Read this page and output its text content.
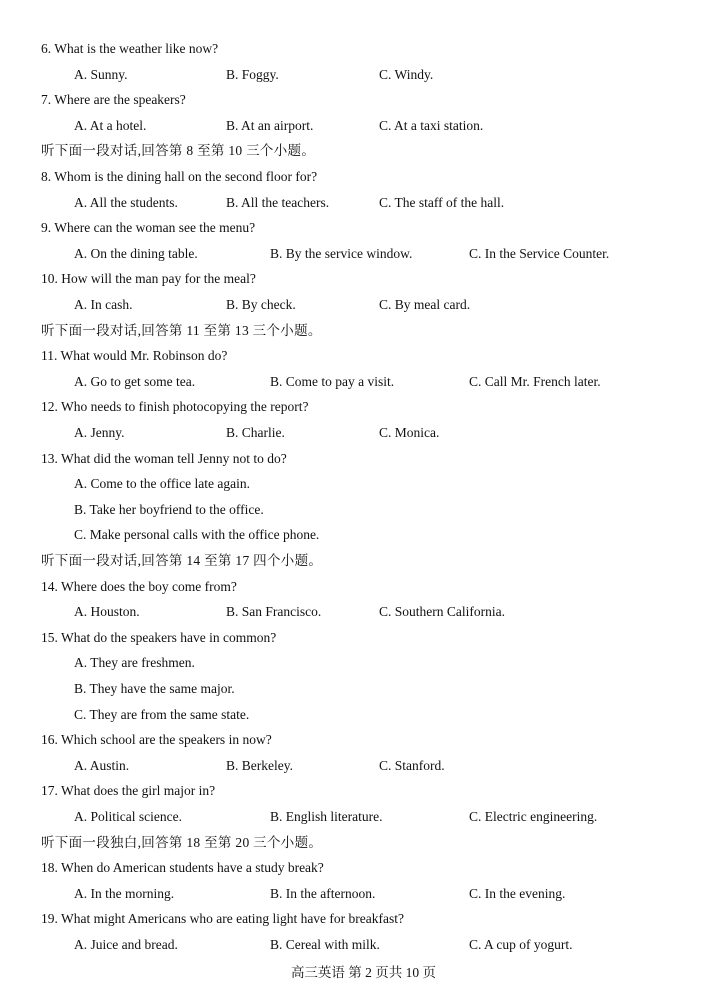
6. What is the weather like now?
A. Sunny.	B. Foggy.	C. Windy.
7. Where are the speakers?
A. At a hotel.	B. At an airport.	C. At a taxi station.
听下面一段对话,回答第 8 至第 10 三个小题。
8. Whom is the dining hall on the second floor for?
A. All the students.	B. All the teachers.	C. The staff of the hall.
9. Where can the woman see the menu?
A. On the dining table.	B. By the service window.	C. In the Service Counter.
10. How will the man pay for the meal?
A. In cash.	B. By check.	C. By meal card.
听下面一段对话,回答第 11 至第 13 三个小题。
11. What would Mr. Robinson do?
A. Go to get some tea.	B. Come to pay a visit.	C. Call Mr. French later.
12. Who needs to finish photocopying the report?
A. Jenny.	B. Charlie.	C. Monica.
13. What did the woman tell Jenny not to do?
A. Come to the office late again.
B. Take her boyfriend to the office.
C. Make personal calls with the office phone.
听下面一段对话,回答第 14 至第 17 四个小题。
14. Where does the boy come from?
A. Houston.	B. San Francisco.	C. Southern California.
15. What do the speakers have in common?
A. They are freshmen.
B. They have the same major.
C. They are from the same state.
16. Which school are the speakers in now?
A. Austin.	B. Berkeley.	C. Stanford.
17. What does the girl major in?
A. Political science.	B. English literature.	C. Electric engineering.
听下面一段独白,回答第 18 至第 20 三个小题。
18. When do American students have a study break?
A. In the morning.	B. In the afternoon.	C. In the evening.
19. What might Americans who are eating light have for breakfast?
A. Juice and bread.	B. Cereal with milk.	C. A cup of yogurt.
高三英语 第 2 页共 10 页
